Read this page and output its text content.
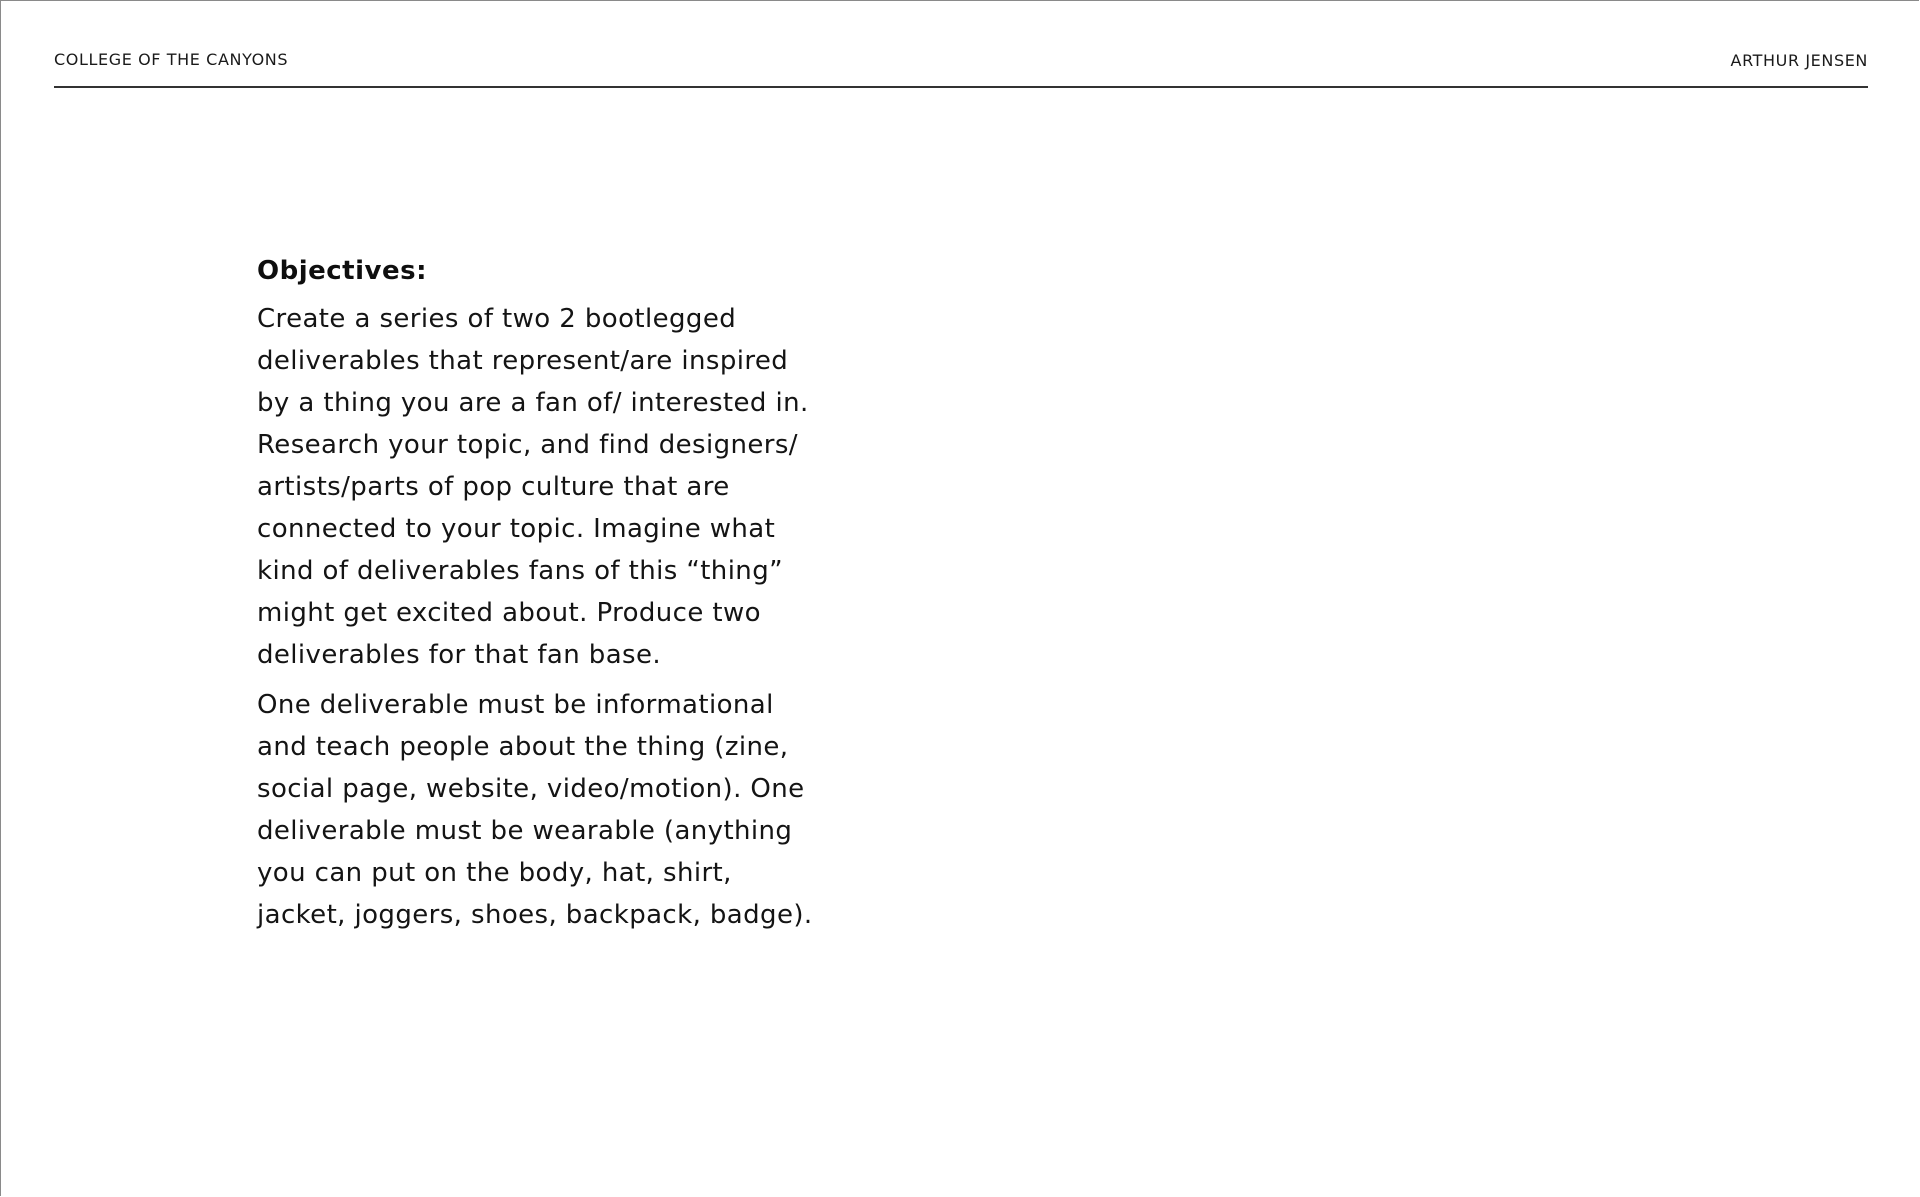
COLLEGE OF THE CANYONS	ARTHUR JENSEN
Objectives:
Create a series of two 2 bootlegged
deliverables that represent/are inspired
by a thing you are a fan of/ interested in.
Research your topic, and find designers/
artists/parts of pop culture that are
connected to your topic. Imagine what
kind of deliverables fans of this “thing”
might get excited about. Produce two
deliverables for that fan base.
One deliverable must be informational
and teach people about the thing (zine,
social page, website, video/motion). One
deliverable must be wearable (anything
you can put on the body, hat, shirt,
jacket, joggers, shoes, backpack, badge).
